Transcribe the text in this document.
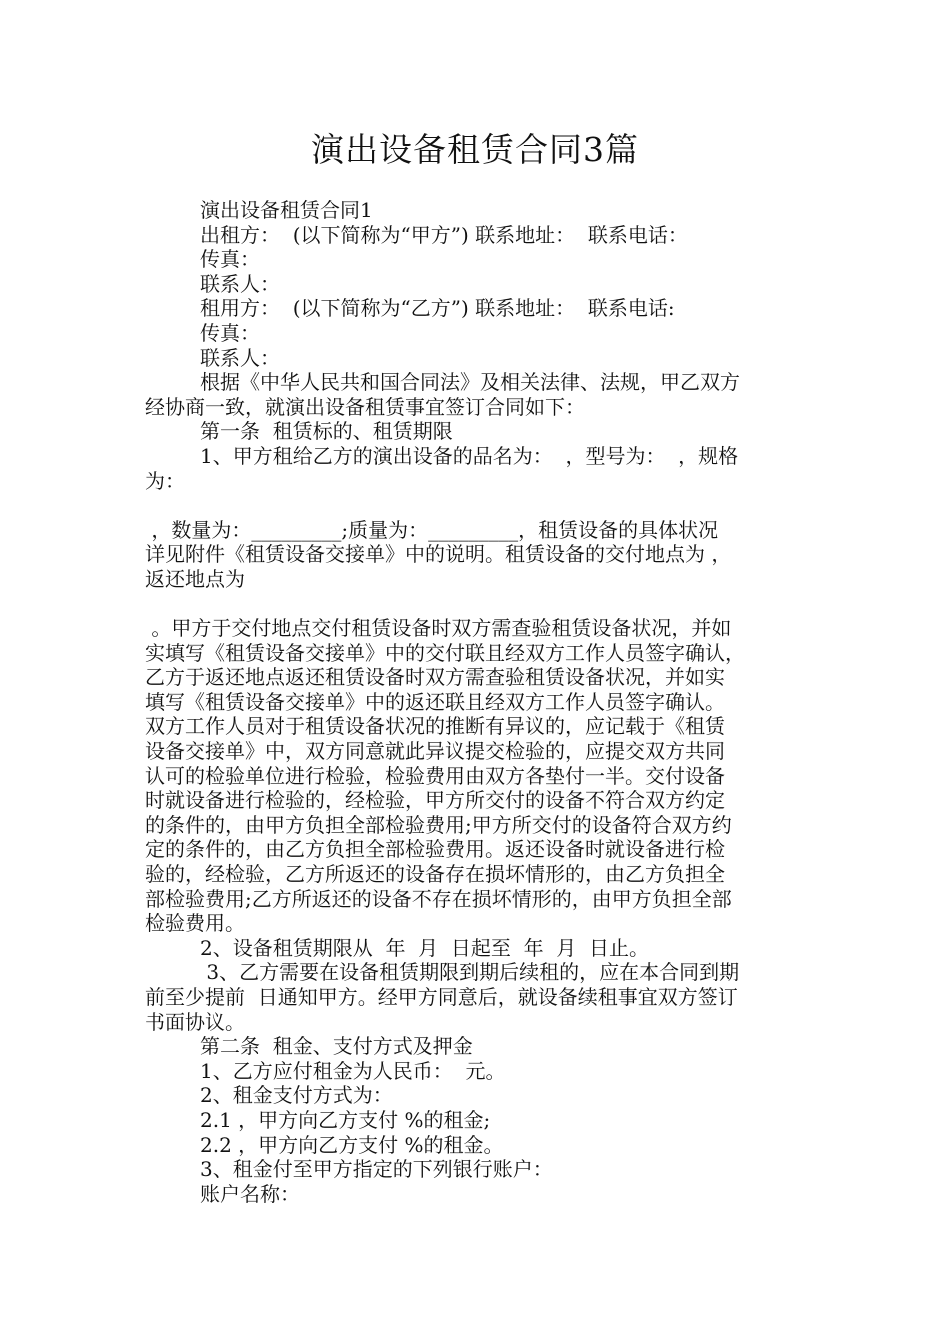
演出设备租赁合同3篇
演出设备租赁合同1
出租方：  (以下简称为“甲方”) 联系地址：  联系电话：
传真：
联系人：
租用方：  (以下简称为“乙方”) 联系地址：  联系电话:
传真：
联系人：
根据《中华人民共和国合同法》及相关法律、法规，甲乙双方
经协商一致，就演出设备租赁事宜签订合同如下：
第一条  租赁标的、租赁期限
1、甲方租给乙方的演出设备的品名为：  ，型号为：  ，规格
为：
，数量为：_________;质量为：_________，租赁设备的具体状况
详见附件《租赁设备交接单》中的说明。租赁设备的交付地点为 ，
返还地点为
。甲方于交付地点交付租赁设备时双方需查验租赁设备状况，并如
实填写《租赁设备交接单》中的交付联且经双方工作人员签字确认，
乙方于返还地点返还租赁设备时双方需查验租赁设备状况，并如实
填写《租赁设备交接单》中的返还联且经双方工作人员签字确认。
双方工作人员对于租赁设备状况的推断有异议的，应记载于《租赁
设备交接单》中，双方同意就此异议提交检验的，应提交双方共同
认可的检验单位进行检验，检验费用由双方各垫付一半。交付设备
时就设备进行检验的，经检验，甲方所交付的设备不符合双方约定
的条件的，由甲方负担全部检验费用;甲方所交付的设备符合双方约
定的条件的，由乙方负担全部检验费用。返还设备时就设备进行检
验的，经检验，乙方所返还的设备存在损坏情形的，由乙方负担全
部检验费用;乙方所返还的设备不存在损坏情形的，由甲方负担全部
检验费用。
2、设备租赁期限从  年  月  日起至  年  月  日止。
3、乙方需要在设备租赁期限到期后续租的，应在本合同到期
前至少提前  日通知甲方。经甲方同意后，就设备续租事宜双方签订
书面协议。
第二条  租金、支付方式及押金
1、乙方应付租金为人民币：  元。
2、租金支付方式为：
2.1 ，甲方向乙方支付 %的租金;
2.2 ，甲方向乙方支付 %的租金。
3、租金付至甲方指定的下列银行账户：
账户名称：
